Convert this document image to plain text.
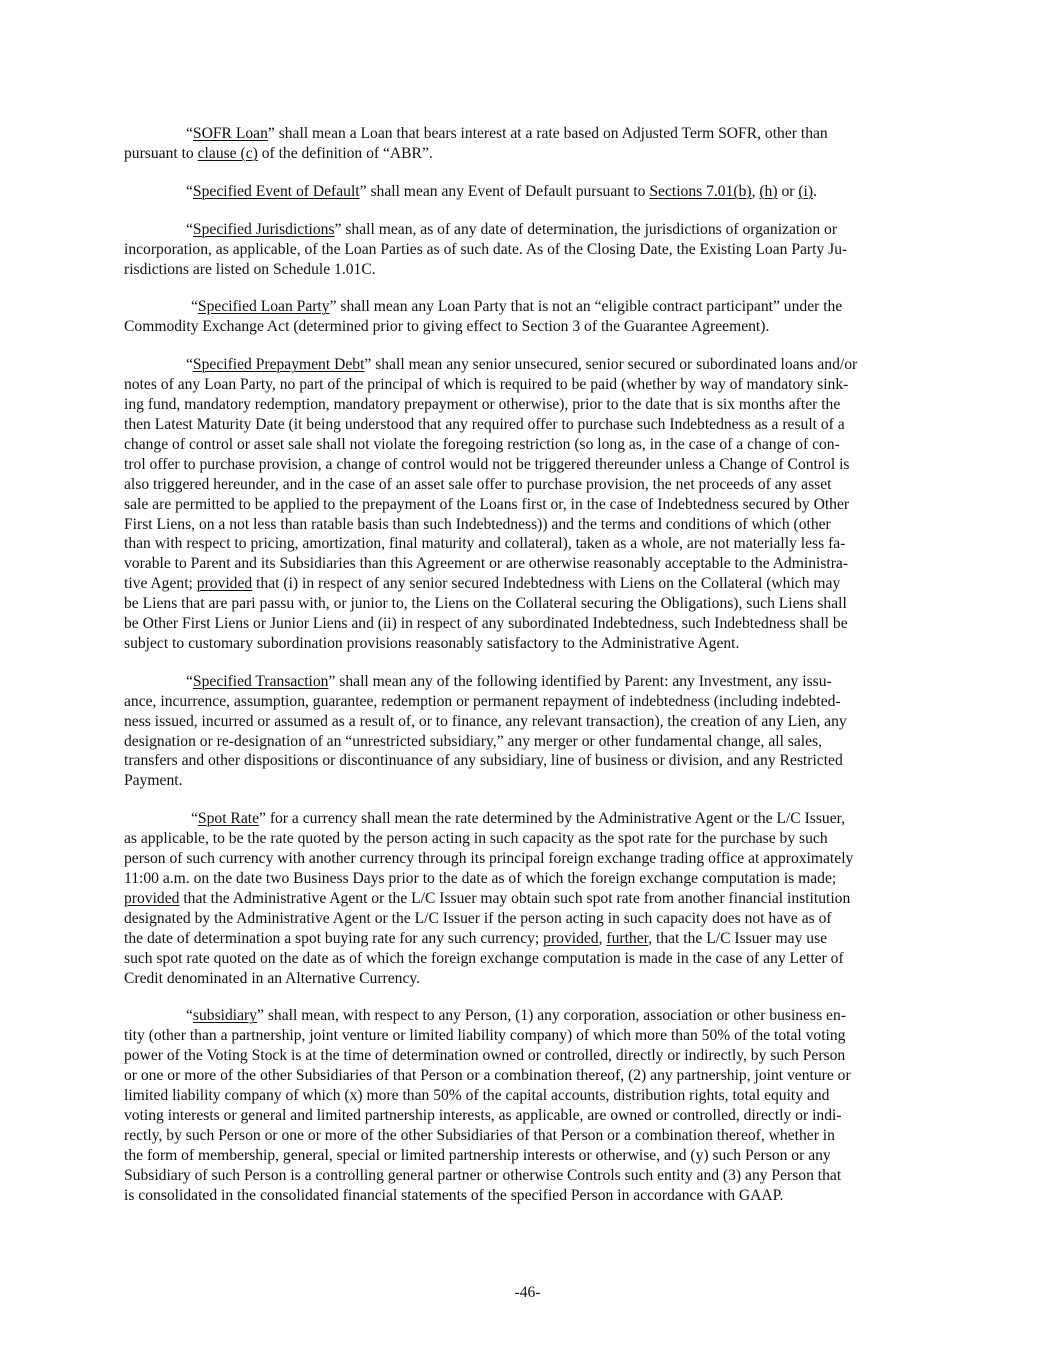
“SOFR Loan” shall mean a Loan that bears interest at a rate based on Adjusted Term SOFR, other than
pursuant to clause (c) of the definition of “ABR”.
“Specified Event of Default” shall mean any Event of Default pursuant to Sections 7.01(b), (h) or (i).
“Specified Jurisdictions” shall mean, as of any date of determination, the jurisdictions of organization or
incorporation, as applicable, of the Loan Parties as of such date. As of the Closing Date, the Existing Loan Party Ju-
risdictions are listed on Schedule 1.01C.
“Specified Loan Party” shall mean any Loan Party that is not an “eligible contract participant” under the
Commodity Exchange Act (determined prior to giving effect to Section 3 of the Guarantee Agreement).
“Specified Prepayment Debt” shall mean any senior unsecured, senior secured or subordinated loans and/or
notes of any Loan Party, no part of the principal of which is required to be paid (whether by way of mandatory sink-
ing fund, mandatory redemption, mandatory prepayment or otherwise), prior to the date that is six months after the
then Latest Maturity Date (it being understood that any required offer to purchase such Indebtedness as a result of a
change of control or asset sale shall not violate the foregoing restriction (so long as, in the case of a change of con-
trol offer to purchase provision, a change of control would not be triggered thereunder unless a Change of Control is
also triggered hereunder, and in the case of an asset sale offer to purchase provision, the net proceeds of any asset
sale are permitted to be applied to the prepayment of the Loans first or, in the case of Indebtedness secured by Other
First Liens, on a not less than ratable basis than such Indebtedness)) and the terms and conditions of which (other
than with respect to pricing, amortization, final maturity and collateral), taken as a whole, are not materially less fa-
vorable to Parent and its Subsidiaries than this Agreement or are otherwise reasonably acceptable to the Administra-
tive Agent; provided that (i) in respect of any senior secured Indebtedness with Liens on the Collateral (which may
be Liens that are pari passu with, or junior to, the Liens on the Collateral securing the Obligations), such Liens shall
be Other First Liens or Junior Liens and (ii) in respect of any subordinated Indebtedness, such Indebtedness shall be
subject to customary subordination provisions reasonably satisfactory to the Administrative Agent.
“Specified Transaction” shall mean any of the following identified by Parent: any Investment, any issu-
ance, incurrence, assumption, guarantee, redemption or permanent repayment of indebtedness (including indebted-
ness issued, incurred or assumed as a result of, or to finance, any relevant transaction), the creation of any Lien, any
designation or re-designation of an “unrestricted subsidiary,” any merger or other fundamental change, all sales,
transfers and other dispositions or discontinuance of any subsidiary, line of business or division, and any Restricted
Payment.
“Spot Rate” for a currency shall mean the rate determined by the Administrative Agent or the L/C Issuer,
as applicable, to be the rate quoted by the person acting in such capacity as the spot rate for the purchase by such
person of such currency with another currency through its principal foreign exchange trading office at approximately
11:00 a.m. on the date two Business Days prior to the date as of which the foreign exchange computation is made;
provided that the Administrative Agent or the L/C Issuer may obtain such spot rate from another financial institution
designated by the Administrative Agent or the L/C Issuer if the person acting in such capacity does not have as of
the date of determination a spot buying rate for any such currency; provided, further, that the L/C Issuer may use
such spot rate quoted on the date as of which the foreign exchange computation is made in the case of any Letter of
Credit denominated in an Alternative Currency.
“subsidiary” shall mean, with respect to any Person, (1) any corporation, association or other business en-
tity (other than a partnership, joint venture or limited liability company) of which more than 50% of the total voting
power of the Voting Stock is at the time of determination owned or controlled, directly or indirectly, by such Person
or one or more of the other Subsidiaries of that Person or a combination thereof, (2) any partnership, joint venture or
limited liability company of which (x) more than 50% of the capital accounts, distribution rights, total equity and
voting interests or general and limited partnership interests, as applicable, are owned or controlled, directly or indi-
rectly, by such Person or one or more of the other Subsidiaries of that Person or a combination thereof, whether in
the form of membership, general, special or limited partnership interests or otherwise, and (y) such Person or any
Subsidiary of such Person is a controlling general partner or otherwise Controls such entity and (3) any Person that
is consolidated in the consolidated financial statements of the specified Person in accordance with GAAP.
-46-
